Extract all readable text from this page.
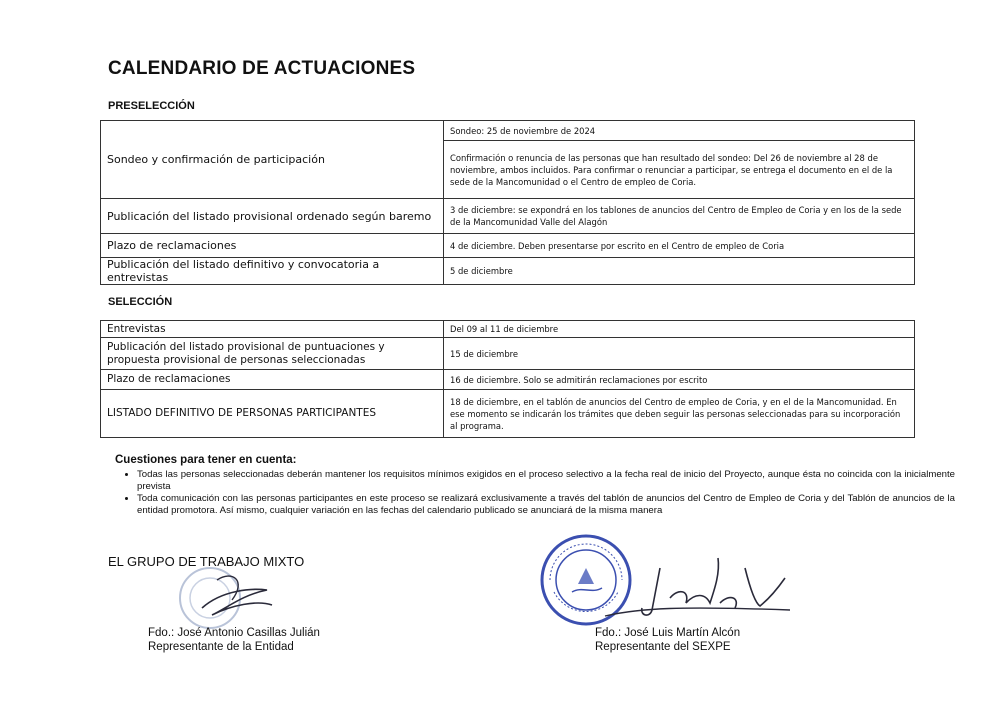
CALENDARIO DE ACTUACIONES
PRESELECCIÓN
Sondeo y confirmación de participación	Sondeo: 25 de noviembre de 2024
	Confirmación o renuncia de las personas que han resultado del sondeo: Del 26 de noviembre al 28 de noviembre, ambos incluidos. Para confirmar o renunciar a participar, se entrega el documento en el de la sede de la Mancomunidad o el Centro de empleo de Coria.
Publicación del listado provisional ordenado según baremo	3 de diciembre: se expondrá en los tablones de anuncios del Centro de Empleo de Coria y en los de la sede de la Mancomunidad Valle del Alagón
Plazo de reclamaciones	4 de diciembre. Deben presentarse por escrito en el Centro de empleo de Coria
Publicación del listado definitivo y convocatoria a entrevistas	5 de diciembre
SELECCIÓN
Entrevistas	Del 09 al 11 de diciembre
Publicación del listado provisional de puntuaciones y propuesta provisional de personas seleccionadas	15 de diciembre
Plazo de reclamaciones	16 de diciembre. Solo se admitirán reclamaciones por escrito
LISTADO DEFINITIVO DE PERSONAS PARTICIPANTES	18 de diciembre, en el tablón de anuncios del Centro de empleo de Coria, y en el de la Mancomunidad. En ese momento se indicarán los trámites que deben seguir las personas seleccionadas para su incorporación al programa.
Cuestiones para tener en cuenta:
• Todas las personas seleccionadas deberán mantener los requisitos mínimos exigidos en el proceso selectivo a la fecha real de inicio del Proyecto, aunque ésta no coincida con la inicialmente prevista
• Toda comunicación con las personas participantes en este proceso se realizará exclusivamente a través del tablón de anuncios del Centro de Empleo de Coria y del Tablón de anuncios de la entidad promotora. Así mismo, cualquier variación en las fechas del calendario publicado se anunciará de la misma manera
EL GRUPO DE TRABAJO MIXTO
Fdo.: José Antonio Casillas Julián
Representante de la Entidad
Fdo.: José Luis Martín Alcón
Representante del SEXPE
